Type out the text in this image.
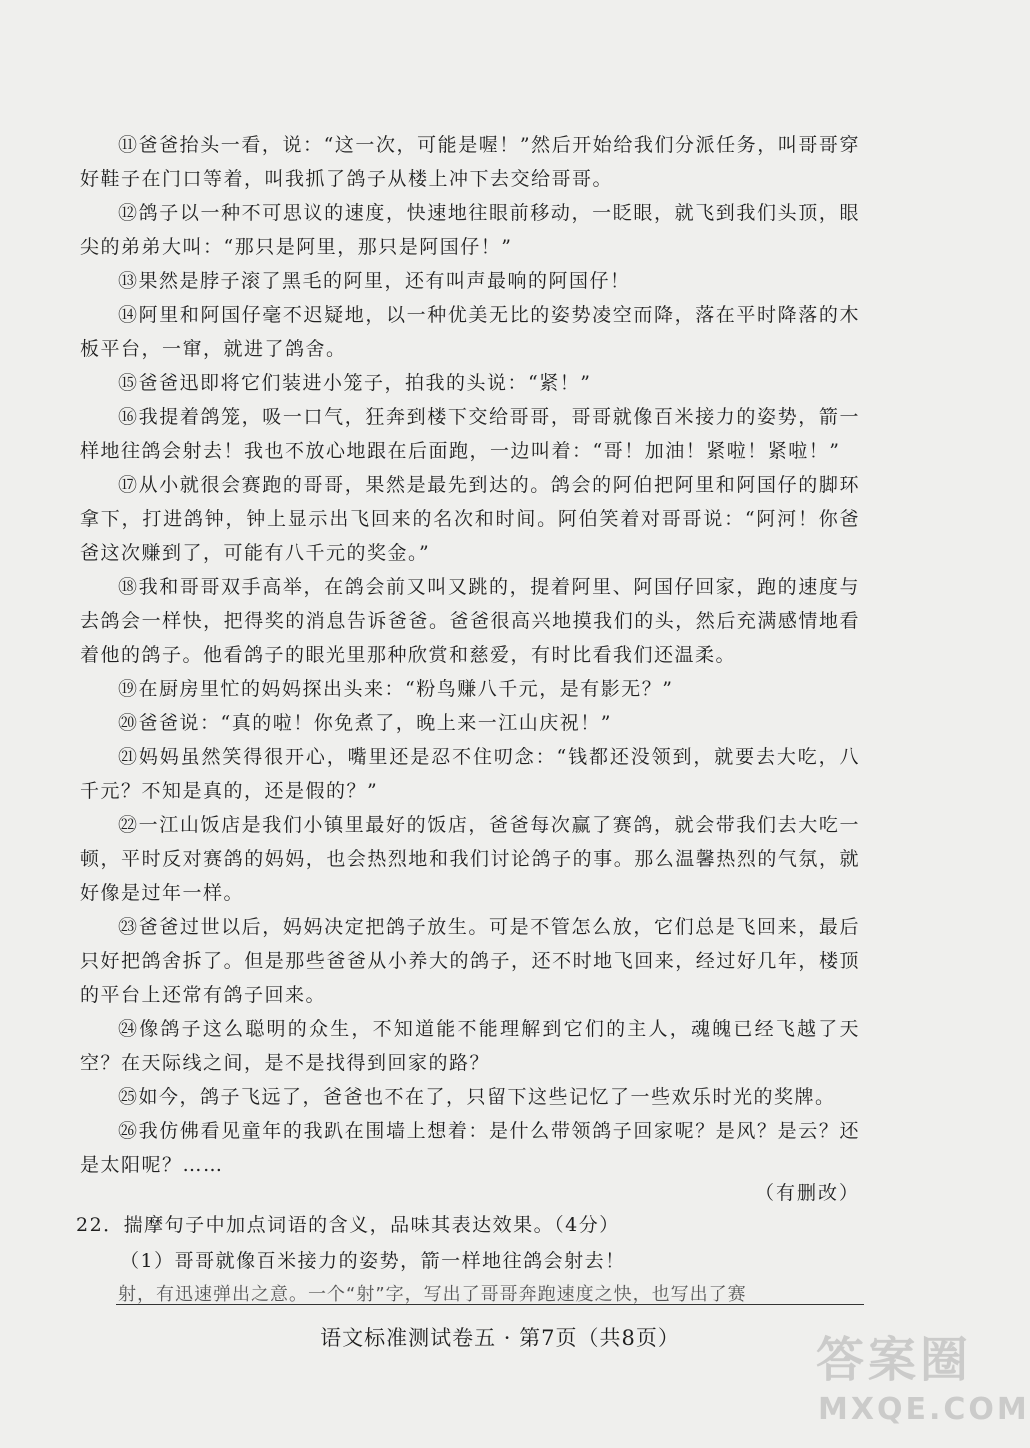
⑪爸爸抬头一看，说：“这一次，可能是喔！”然后开始给我们分派任务，叫哥哥穿好鞋子在门口等着，叫我抓了鸽子从楼上冲下去交给哥哥。

⑫鸽子以一种不可思议的速度，快速地往眼前移动，一眨眼，就飞到我们头顶，眼尖的弟弟大叫：“那只是阿里，那只是阿国仔！”

⑬果然是脖子滚了黑毛的阿里，还有叫声最响的阿国仔！

⑭阿里和阿国仔毫不迟疑地，以一种优美无比的姿势凌空而降，落在平时降落的木板平台，一窜，就进了鸽舍。

⑮爸爸迅即将它们装进小笼子，拍我的头说：“紧！”

⑯我提着鸽笼，吸一口气，狂奔到楼下交给哥哥，哥哥就像百米接力的姿势，箭一样地往鸽会射去！我也不放心地跟在后面跑，一边叫着：“哥！加油！紧啦！紧啦！”

⑰从小就很会赛跑的哥哥，果然是最先到达的。鸽会的阿伯把阿里和阿国仔的脚环拿下，打进鸽钟，钟上显示出飞回来的名次和时间。阿伯笑着对哥哥说：“阿河！你爸爸这次赚到了，可能有八千元的奖金。”

⑱我和哥哥双手高举，在鸽会前又叫又跳的，提着阿里、阿国仔回家，跑的速度与去鸽会一样快，把得奖的消息告诉爸爸。爸爸很高兴地摸我们的头，然后充满感情地看着他的鸽子。他看鸽子的眼光里那种欣赏和慈爱，有时比看我们还温柔。

⑲在厨房里忙的妈妈探出头来：“粉鸟赚八千元，是有影无？”

⑳爸爸说：“真的啦！你免煮了，晚上来一江山庆祝！”

㉑妈妈虽然笑得很开心，嘴里还是忍不住叨念：“钱都还没领到，就要去大吃，八千元？不知是真的，还是假的？”

㉒一江山饭店是我们小镇里最好的饭店，爸爸每次赢了赛鸽，就会带我们去大吃一顿，平时反对赛鸽的妈妈，也会热烈地和我们讨论鸽子的事。那么温馨热烈的气氛，就好像是过年一样。

㉓爸爸过世以后，妈妈决定把鸽子放生。可是不管怎么放，它们总是飞回来，最后只好把鸽舍拆了。但是那些爸爸从小养大的鸽子，还不时地飞回来，经过好几年，楼顶的平台上还常有鸽子回来。

㉔像鸽子这么聪明的众生，不知道能不能理解到它们的主人，魂魄已经飞越了天空？在天际线之间，是不是找得到回家的路？

㉕如今，鸽子飞远了，爸爸也不在了，只留下这些记忆了一些欢乐时光的奖牌。

㉖我仿佛看见童年的我趴在围墙上想着：是什么带领鸽子回家呢？是风？是云？还是太阳呢？……

（有删改）
22．揣摩句子中加点词语的含义，品味其表达效果。（4分）
（1）哥哥就像百米接力的姿势，箭一样地往鸽会射去！
射，有迅速弹出之意。一个“射”字，写出了哥哥奔跑速度之快，也写出了赛
语文标准测试卷五 · 第7页（共8页）	答案圈
MXQE.COM
